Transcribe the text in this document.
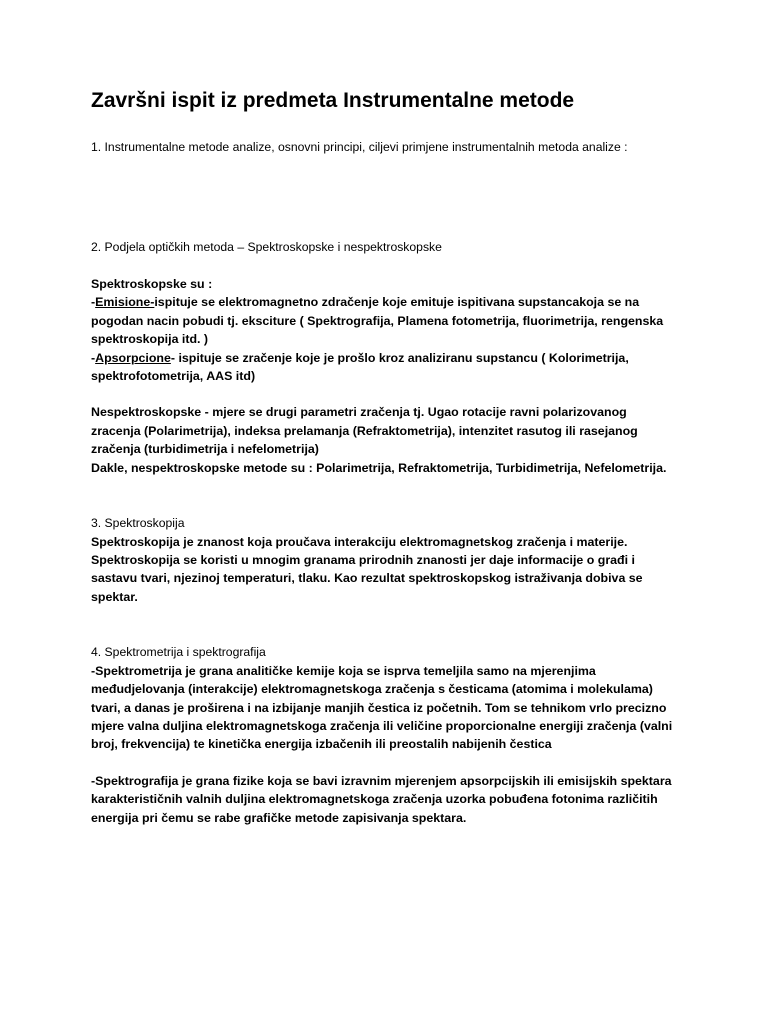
Završni ispit iz predmeta Instrumentalne metode

1. Instrumentalne metode analize, osnovni principi, ciljevi primjene instrumentalnih metoda analize :

2. Podjela optičkih metoda – Spektroskopske i nespektroskopske

Spektroskopske su :
-Emisione-ispituje se elektromagnetno zdračenje koje emituje ispitivana supstancakoja se na
pogodan nacin pobudi tj. eksciture ( Spektrografija, Plamena fotometrija, fluorimetrija, rengenska
spektroskopija itd. )
-Apsorpcione- ispituje se zračenje koje je prošlo kroz analiziranu supstancu ( Kolorimetrija,
spektrofotometrija, AAS itd)
Nespektroskopske - mjere se drugi parametri zračenja tj. Ugao rotacije ravni polarizovanog
zracenja (Polarimetrija), indeksa prelamanja (Refraktometrija), intenzitet rasutog ili rasejanog
zračenja (turbidimetrija i nefelometrija)
Dakle, nespektroskopske metode su : Polarimetrija, Refraktometrija, Turbidimetrija, Nefelometrija.

3. Spektroskopija

Spektroskopija je znanost koja proučava interakciju elektromagnetskog zračenja i materije.
Spektroskopija se koristi u mnogim granama prirodnih znanosti jer daje informacije o građi i
sastavu tvari, njezinoj temperaturi, tlaku. Kao rezultat spektroskopskog istraživanja dobiva se
spektar.

4. Spektrometrija i spektrografija

-Spektrometrija je grana analitičke kemije koja se isprva temeljila samo na mjerenjima
međudjelovanja (interakcije) elektromagnetskoga zračenja s česticama (atomima i molekulama)
tvari, a danas je proširena i na izbijanje manjih čestica iz početnih. Tom se tehnikom vrlo precizno
mjere valna duljina elektromagnetskoga zračenja ili veličine proporcionalne energiji zračenja (valni
broj, frekvencija) te kinetička energija izbačenih ili preostalih nabijenih čestica
-Spektrografija je grana fizike koja se bavi izravnim mjerenjem apsorpcijskih ili emisijskih spektara
karakterističnih valnih duljina elektromagnetskoga zračenja uzorka pobuđena fotonima različitih
energija pri čemu se rabe grafičke metode zapisivanja spektara.
